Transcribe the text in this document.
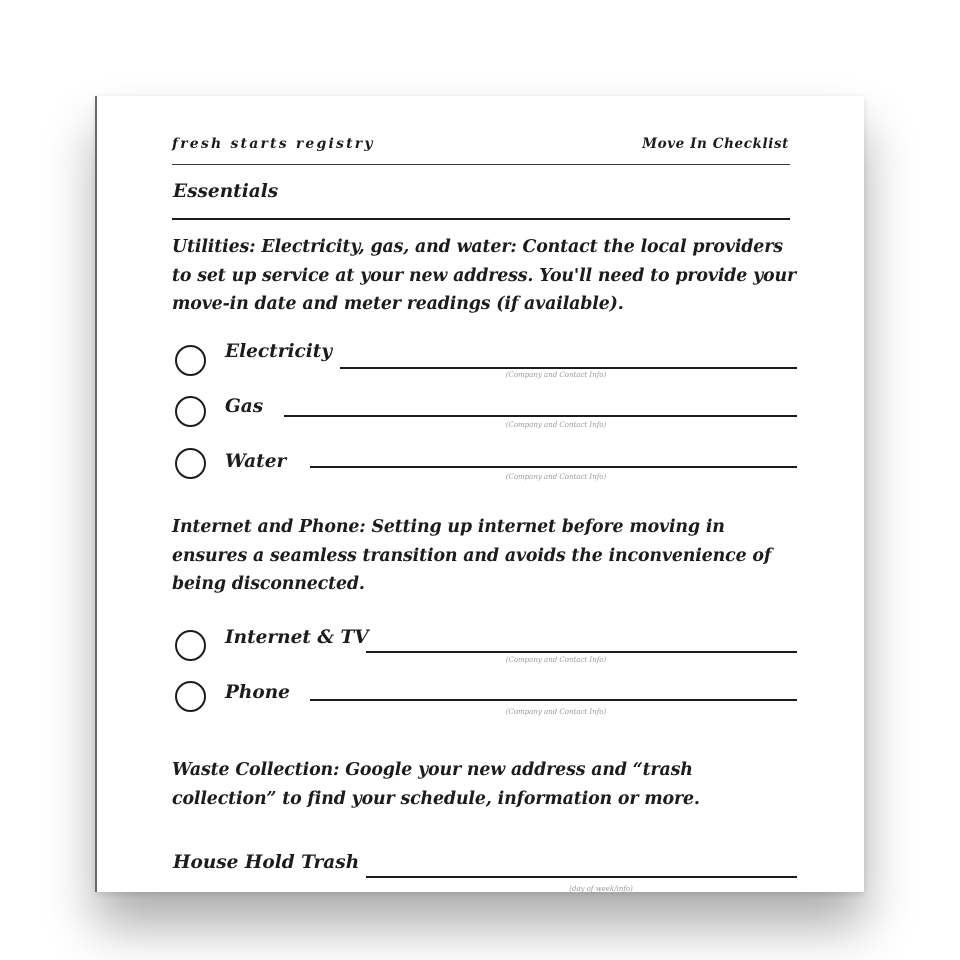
fresh starts registry	Move In Checklist
Essentials
Utilities: Electricity, gas, and water: Contact the local providers to set up service at your new address. You'll need to provide your move-in date and meter readings (if available).
Electricity
(Company and Contact Info)
Gas
(Company and Contact Info)
Water
(Company and Contact Info)
Internet and Phone: Setting up internet before moving in ensures a seamless transition and avoids the inconvenience of being disconnected.
Internet & TV
(Company and Contact Info)
Phone
(Company and Contact Info)
Waste Collection: Google your new address and “trash collection” to find your schedule, information or more.
House Hold Trash
(day of week/info)
